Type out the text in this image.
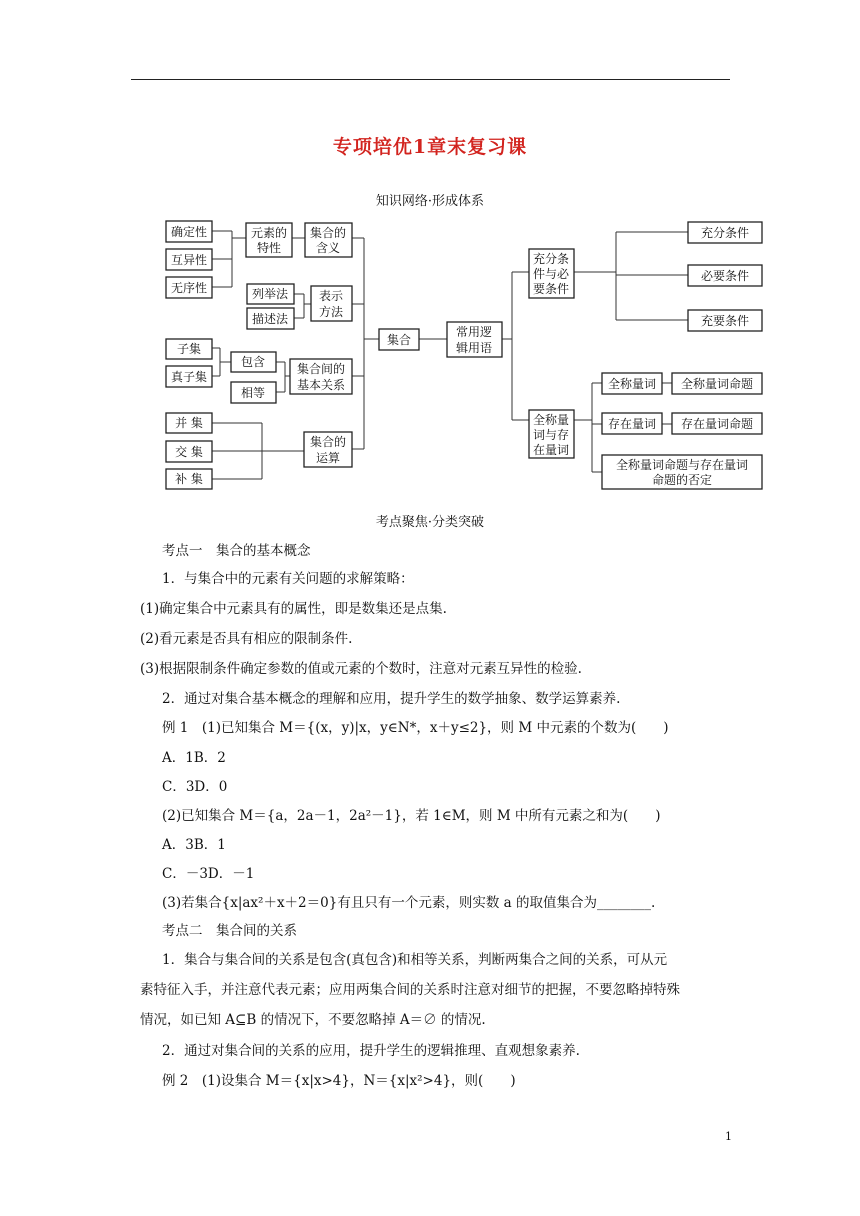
专项培优1章末复习课
知识网络·形成体系
确定性
互异性
无序性
元素的
特性
集合的
含义
列举法
描述法
表示
方法
子集
真子集
包含
相等
集合间的
基本关系
并 集
交 集
补 集
集合的
运算
集合
常用逻
辑用语
充分条
件与必
要条件
充分条件
必要条件
充要条件
全称量
词与存
在量词
全称量词 全称量词命题
存在量词 存在量词命题
全称量词命题与存在量词
命题的否定
考点聚焦·分类突破
考点一　集合的基本概念
1．与集合中的元素有关问题的求解策略：
(1)确定集合中元素具有的属性，即是数集还是点集.
(2)看元素是否具有相应的限制条件.
(3)根据限制条件确定参数的值或元素的个数时，注意对元素互异性的检验.
2．通过对集合基本概念的理解和应用，提升学生的数学抽象、数学运算素养.
例 1　(1)已知集合 M＝{(x，y)|x，y∈N*，x＋y≤2}，则 M 中元素的个数为(　　)
A．1B．2
C．3D．0
(2)已知集合 M＝{a，2a－1，2a²－1}，若 1∈M，则 M 中所有元素之和为(　　)
A．3B．1
C．－3D．－1
(3)若集合{x|ax²＋x＋2＝0}有且只有一个元素，则实数 a 的取值集合为________.
考点二　集合间的关系
1．集合与集合间的关系是包含(真包含)和相等关系，判断两集合之间的关系，可从元
素特征入手，并注意代表元素；应用两集合间的关系时注意对细节的把握，不要忽略掉特殊
情况，如已知 A⊆B 的情况下，不要忽略掉 A＝∅ 的情况.
2．通过对集合间的关系的应用，提升学生的逻辑推理、直观想象素养.
例 2　(1)设集合 M＝{x|x>4}，N＝{x|x²>4}，则(　　)
1
